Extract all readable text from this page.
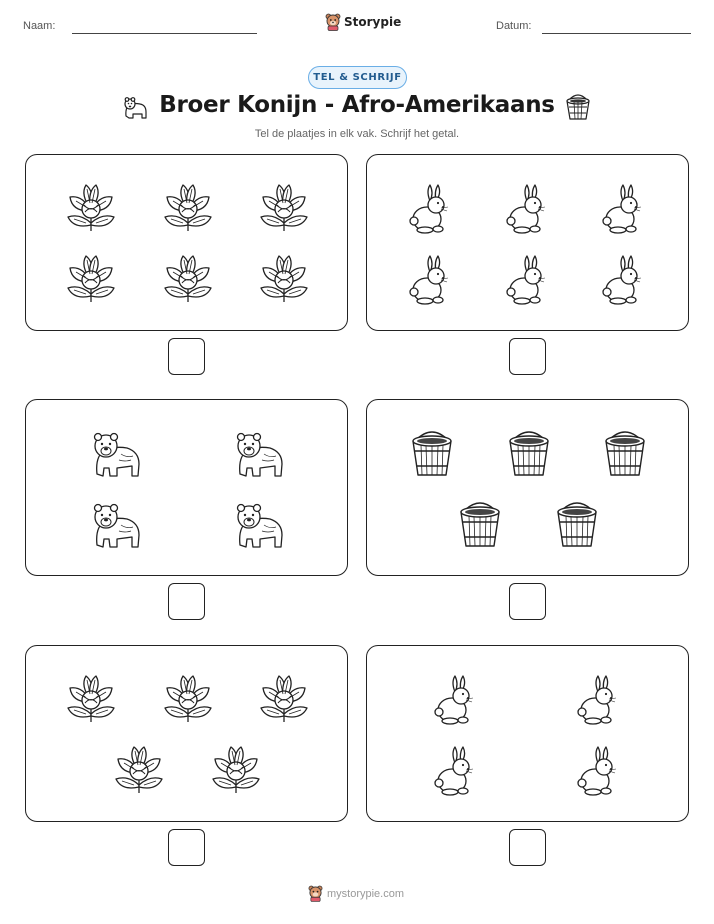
Naam:	Storypie	Datum:
TEL & SCHRIJF
Broer Konijn - Afro-Amerikaans
Tel de plaatjes in elk vak. Schrijf het getal.
mystorypie.com
